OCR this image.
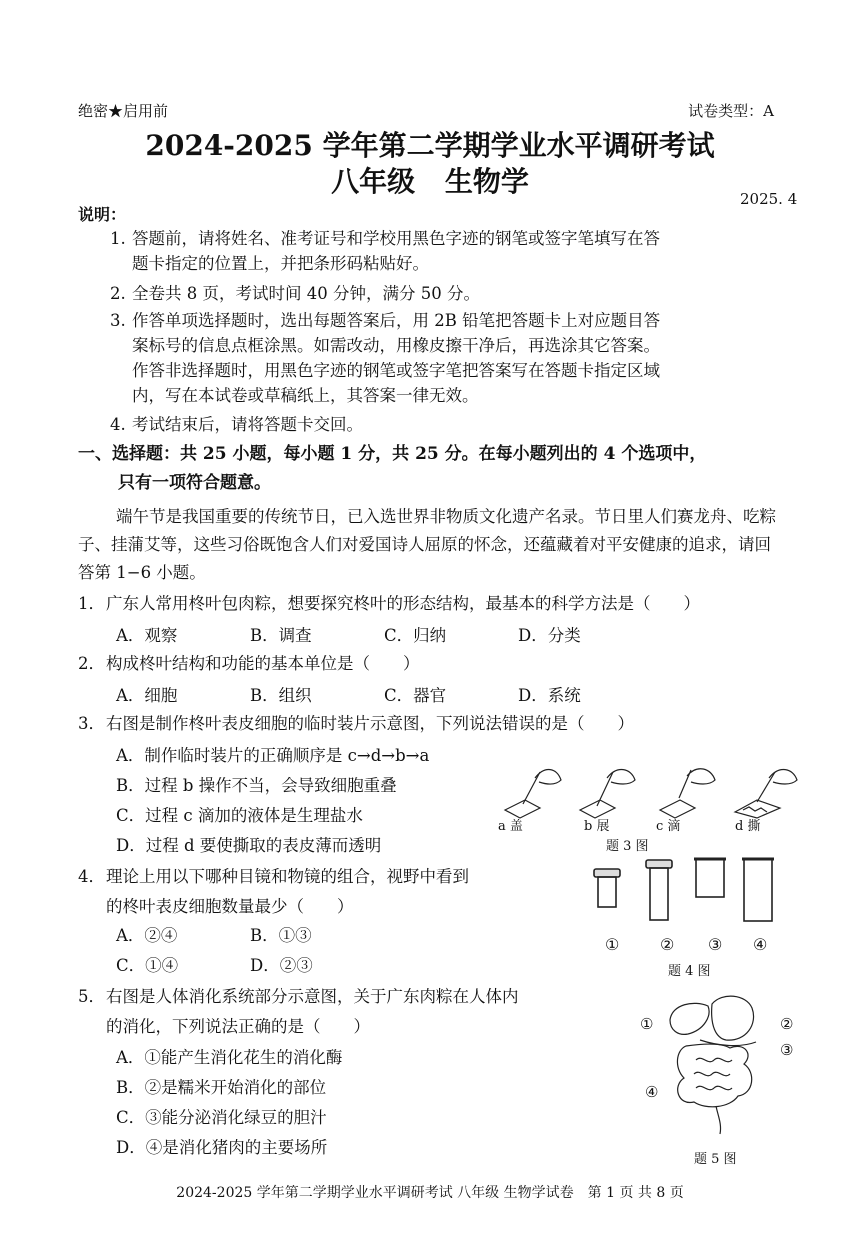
绝密★启用前	试卷类型：A
2024-2025 学年第二学期学业水平调研考试
八年级 生物学
2025. 4
说明：
1. 答题前，请将姓名、准考证号和学校用黑色字迹的钢笔或签字笔填写在答
题卡指定的位置上，并把条形码粘贴好。
2. 全卷共 8 页，考试时间 40 分钟，满分 50 分。
3. 作答单项选择题时，选出每题答案后，用 2B 铅笔把答题卡上对应题目答
案标号的信息点框涂黑。如需改动，用橡皮擦干净后，再选涂其它答案。
作答非选择题时，用黑色字迹的钢笔或签字笔把答案写在答题卡指定区域
内，写在本试卷或草稿纸上，其答案一律无效。
4. 考试结束后，请将答题卡交回。
一、选择题：共 25 小题，每小题 1 分，共 25 分。在每小题列出的 4 个选项中，
只有一项符合题意。
端午节是我国重要的传统节日，已入选世界非物质文化遗产名录。节日里人们赛龙舟、吃粽子、挂蒲艾等，这些习俗既饱含人们对爱国诗人屈原的怀念，还蕴藏着对平安健康的追求，请回答第 1−6 小题。
1．广东人常用柊叶包肉粽，想要探究柊叶的形态结构，最基本的科学方法是（　　）
A．观察	B．调查	C．归纳	D．分类
2．构成柊叶结构和功能的基本单位是（　　）
A．细胞	B．组织	C．器官	D．系统
3．右图是制作柊叶表皮细胞的临时装片示意图，下列说法错误的是（　　）
A．制作临时装片的正确顺序是 c→d→b→a
B．过程 b 操作不当，会导致细胞重叠
C．过程 c 滴加的液体是生理盐水
D．过程 d 要使撕取的表皮薄而透明
a 盖	b 展	c 滴	d 撕
题 3 图
4．理论上用以下哪种目镜和物镜的组合，视野中看到
的柊叶表皮细胞数量最少（　　）
A．②④	B．①③
C．①④	D．②③
①	② ③ ④
题 4 图
5．右图是人体消化系统部分示意图，关于广东肉粽在人体内
的消化，下列说法正确的是（　　）
A．①能产生消化花生的消化酶
B．②是糯米开始消化的部位
C．③能分泌消化绿豆的胆汁
D．④是消化猪肉的主要场所
①	②
③
④
题 5 图
2024-2025 学年第二学期学业水平调研考试 八年级 生物学试卷　第 1 页 共 8 页
